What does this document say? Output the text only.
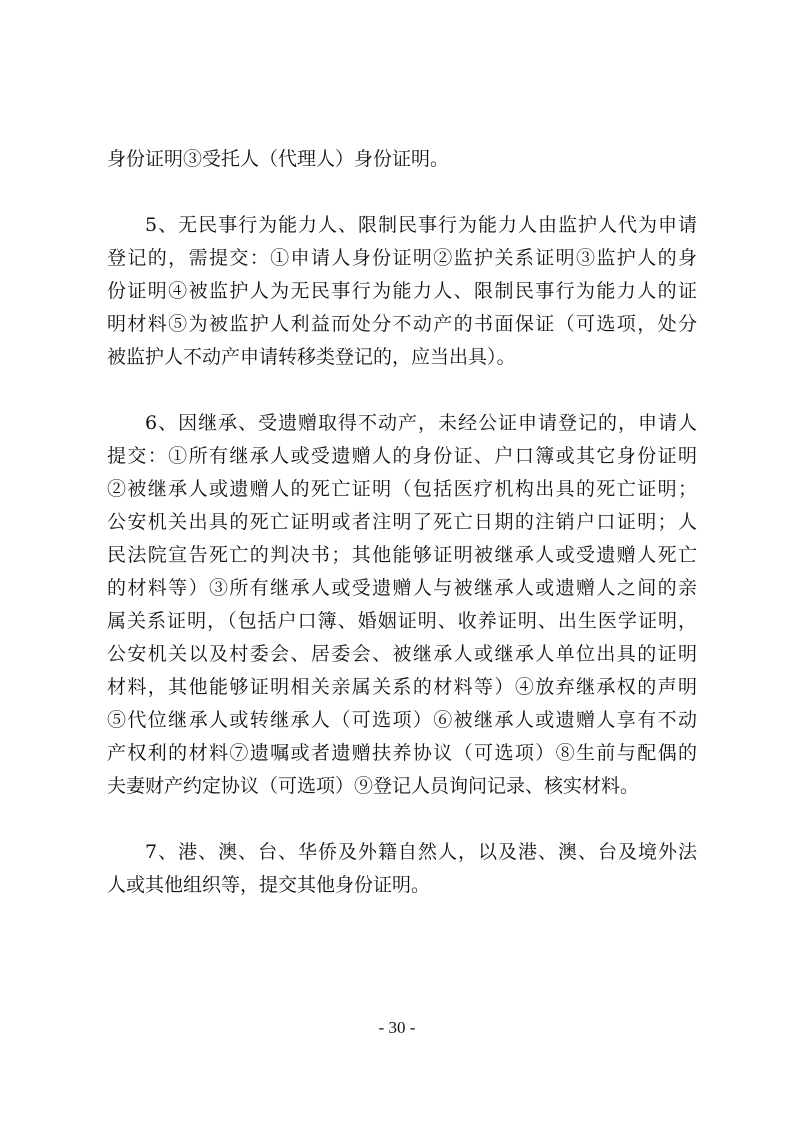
身份证明③受托人（代理人）身份证明。
5、无民事行为能力人、限制民事行为能力人由监护人代为申请
登记的，需提交：①申请人身份证明②监护关系证明③监护人的身
份证明④被监护人为无民事行为能力人、限制民事行为能力人的证
明材料⑤为被监护人利益而处分不动产的书面保证（可选项，处分
被监护人不动产申请转移类登记的，应当出具）。
6、因继承、受遗赠取得不动产，未经公证申请登记的，申请人
提交：①所有继承人或受遗赠人的身份证、户口簿或其它身份证明
②被继承人或遗赠人的死亡证明（包括医疗机构出具的死亡证明；
公安机关出具的死亡证明或者注明了死亡日期的注销户口证明；人
民法院宣告死亡的判决书；其他能够证明被继承人或受遗赠人死亡
的材料等）③所有继承人或受遗赠人与被继承人或遗赠人之间的亲
属关系证明，（包括户口簿、婚姻证明、收养证明、出生医学证明，
公安机关以及村委会、居委会、被继承人或继承人单位出具的证明
材料，其他能够证明相关亲属关系的材料等）④放弃继承权的声明
⑤代位继承人或转继承人（可选项）⑥被继承人或遗赠人享有不动
产权利的材料⑦遗嘱或者遗赠扶养协议（可选项）⑧生前与配偶的
夫妻财产约定协议（可选项）⑨登记人员询问记录、核实材料。
7、港、澳、台、华侨及外籍自然人，以及港、澳、台及境外法
人或其他组织等，提交其他身份证明。
- 30 -
